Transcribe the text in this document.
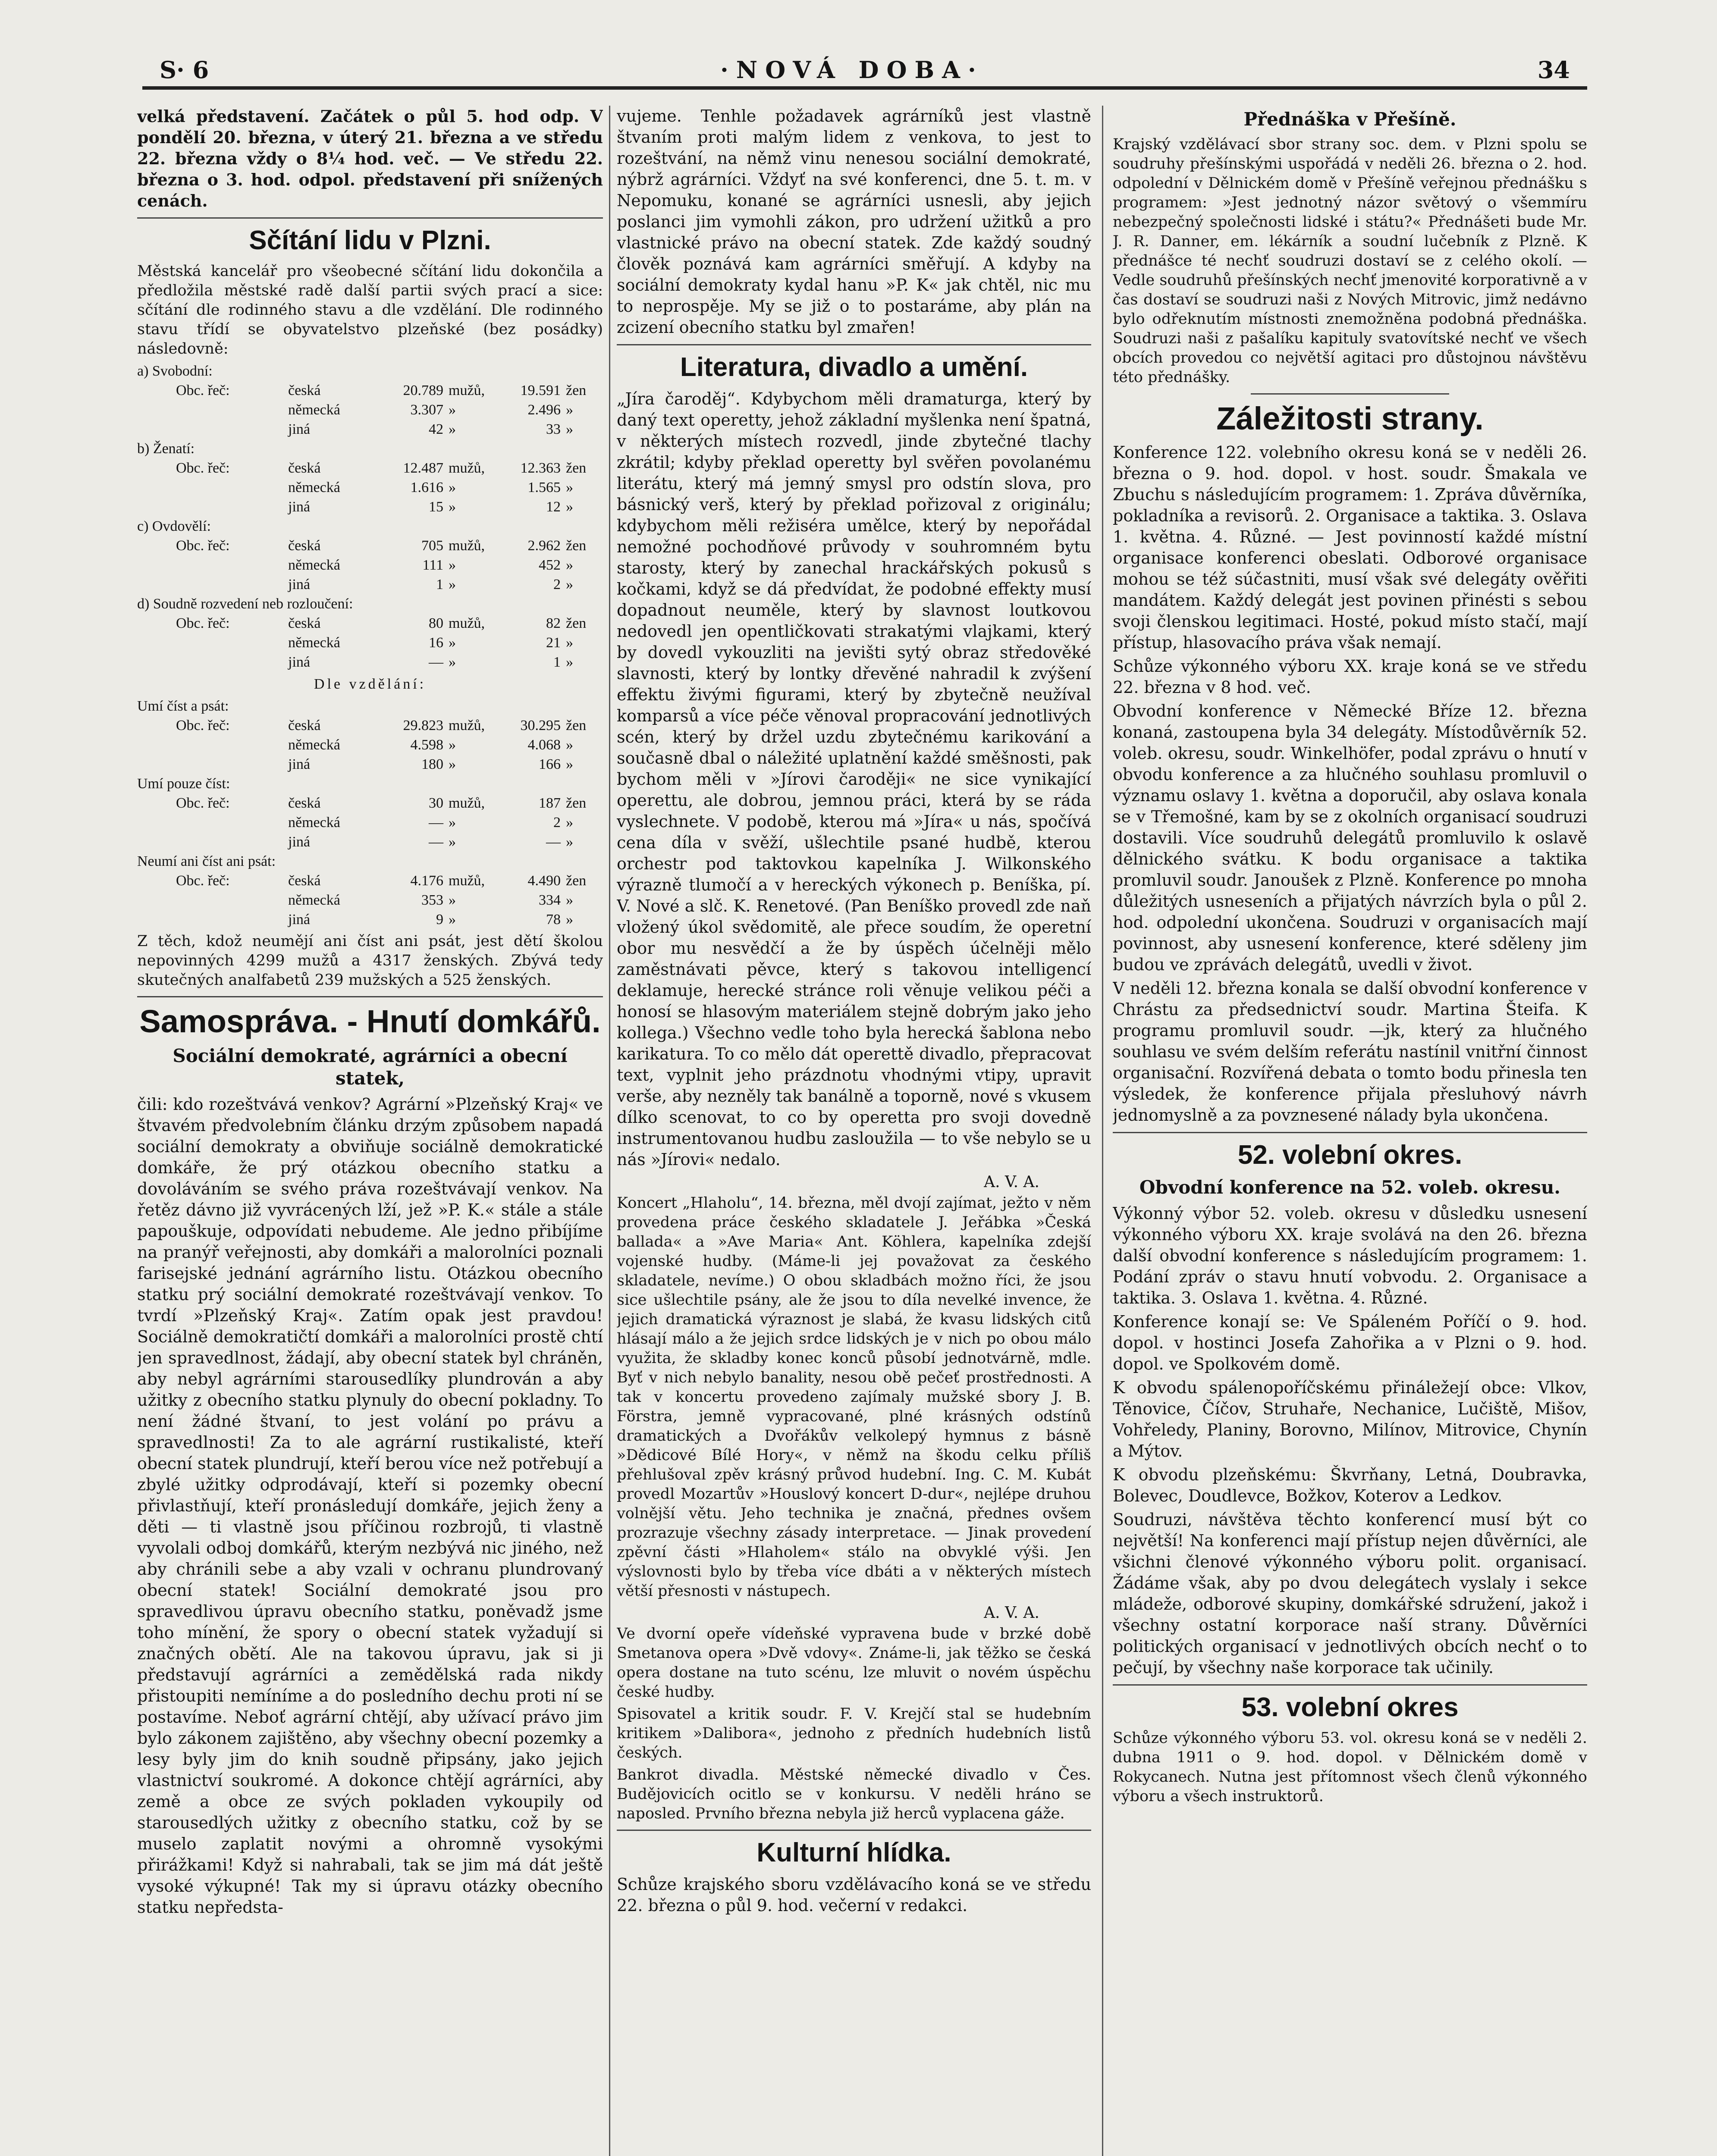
S· 6	·NOVÁ DOBA·	34

velká představení. Začátek o půl 5. hod odp. V pondělí 20. března, v úterý 21. března a ve středu 22. března vždy o 8¼ hod. več. — Ve středu 22. března o 3. hod. odpol. představení při snížených cenách.

Sčítání lidu v Plzni.

Městská kancelář pro všeobecné sčítání lidu dokončila a předložila městské radě další partii svých prací a sice: sčítání dle rodinného stavu a dle vzdělání. Dle rodinného stavu třídí se obyvatelstvo plzeňské (bez posádky) následovně:

a) Svobodní:
Obc. řeč:	česká	20.789 mužů,	19.591 žen
německá	3.307 »	2.496 »
jiná	42 »	33 »
b) Ženatí:
Obc. řeč:	česká	12.487 mužů,	12.363 žen
německá	1.616 »	1.565 »
jiná	15 »	12 »
c) Ovdovělí:
Obc. řeč:	česká	705 mužů,	2.962 žen
německá	111 »	452 »
jiná	1 »	2 »
d) Soudně rozvedení neb rozloučení:
Obc. řeč:	česká	80 mužů,	82 žen
německá	16 »	21 »
jiná	— »	1 »
Dle vzdělání:
Umí číst a psát:
Obc. řeč:	česká	29.823 mužů,	30.295 žen
německá	4.598 »	4.068 »
jiná	180 »	166 »
Umí pouze číst:
Obc. řeč:	česká	30 mužů,	187 žen
německá	— »	2 »
jiná	— »	— »
Neumí ani číst ani psát:
Obc. řeč:	česká	4.176 mužů,	4.490 žen
německá	353 »	334 »
jiná	9 »	78 »

Z těch, kdož neumějí ani číst ani psát, jest dětí školou nepovinných 4299 mužů a 4317 ženských. Zbývá tedy skutečných analfabetů 239 mužských a 525 ženských.

Samospráva. - Hnutí domkářů.
Sociální demokraté, agrárníci a obecní statek,

čili: kdo rozeštvává venkov? Agrární »Plzeňský Kraj« ve štvavém předvolebním článku drzým způsobem napadá sociální demokraty a obviňuje sociálně demokratické domkáře, že prý otázkou obecního statku a dovoláváním se svého práva rozeštvávají venkov. Na řetěz dávno již vyvrácených lží, jež »P. K.« stále a stále papouškuje, odpovídati nebudeme. Ale jedno přibíjíme na pranýř veřejnosti, aby domkáři a malorolníci poznali farisejské jednání agrárního listu. Otázkou obecního statku prý sociální demokraté rozeštvávají venkov. To tvrdí »Plzeňský Kraj«. Zatím opak jest pravdou! Sociálně demokratičtí domkáři a malorolníci prostě chtí jen spravedlnost, žádají, aby obecní statek byl chráněn, aby nebyl agrárními starousedlíky plundrován a aby užitky z obecního statku plynuly do obecní pokladny. To není žádné štvaní, to jest volání po právu a spravedlnosti! Za to ale agrární rustikalisté, kteří obecní statek plundrují, kteří berou více než potřebují a zbylé užitky odprodávají, kteří si pozemky obecní přivlastňují, kteří pronásledují domkáře, jejich ženy a děti — ti vlastně jsou příčinou rozbrojů, ti vlastně vyvolali odboj domkářů, kterým nezbývá nic jiného, než aby chránili sebe a aby vzali v ochranu plundrovaný obecní statek! Sociální demokraté jsou pro spravedlivou úpravu obecního statku, poněvadž jsme toho mínění, že spory o obecní statek vyžadují si značných obětí. Ale na takovou úpravu, jak si ji představují agrárníci a zemědělská rada nikdy přistoupiti nemíníme a do posledního dechu proti ní se postavíme. Neboť agrární chtějí, aby užívací právo jim bylo zákonem zajištěno, aby všechny obecní pozemky a lesy byly jim do knih soudně připsány, jako jejich vlastnictví soukromé. A dokonce chtějí agrárníci, aby země a obce ze svých pokladen vykoupily od starousedlých užitky z obecního statku, což by se muselo zaplatit novými a ohromně vysokými přirážkami! Když si nahrabali, tak se jim má dát ještě vysoké výkupné! Tak my si úpravu otázky obecního statku nepředsta-

vujeme. Tenhle požadavek agrárníků jest vlastně štvaním proti malým lidem z venkova, to jest to rozeštvání, na němž vinu nenesou sociální demokraté, nýbrž agrárníci. Vždyť na své konferenci, dne 5. t. m. v Nepomuku, konané se agrárníci usnesli, aby jejich poslanci jim vymohli zákon, pro udržení užitků a pro vlastnické právo na obecní statek. Zde každý soudný člověk poznává kam agrárníci směřují. A kdyby na sociální demokraty kydal hanu »P. K« jak chtěl, nic mu to neprospěje. My se již o to postaráme, aby plán na zcizení obecního statku byl zmařen!

Literatura, divadlo a umění.

„Jíra čaroděj“. Kdybychom měli dramaturga, který by daný text operetty, jehož základní myšlenka není špatná, v některých místech rozvedl, jinde zbytečné tlachy zkrátil; kdyby překlad operetty byl svěřen povolanému literátu, který má jemný smysl pro odstín slova, pro básnický verš, který by překlad pořizoval z originálu; kdybychom měli režiséra umělce, který by nepořádal nemožné pochodňové průvody v souhromném bytu starosty, který by zanechal hrackářských pokusů s kočkami, když se dá předvídat, že podobné effekty musí dopadnout neuměle, který by slavnost loutkovou nedovedl jen opentličkovati strakatými vlajkami, který by dovedl vykouzliti na jevišti sytý obraz středověké slavnosti, který by lontky dřevěné nahradil k zvýšení effektu živými figurami, který by zbytečně neužíval komparsů a více péče věnoval propracování jednotlivých scén, který by držel uzdu zbytečnému karikování a současně dbal o náležité uplatnění každé směšnosti, pak bychom měli v »Jírovi čaroději« ne sice vynikající operettu, ale dobrou, jemnou práci, která by se ráda vyslechnete. V podobě, kterou má »Jíra« u nás, spočívá cena díla v svěží, ušlechtile psané hudbě, kterou orchestr pod taktovkou kapelníka J. Wilkonského výrazně tlumočí a v hereckých výkonech p. Beníška, pí. V. Nové a slč. K. Renetové. (Pan Beníško provedl zde naň vložený úkol svědomitě, ale přece soudím, že operetní obor mu nesvědčí a že by úspěch účelněji mělo zaměstnávati pěvce, který s takovou intelligencí deklamuje, herecké stránce roli věnuje velikou péči a honosí se hlasovým materiálem stejně dobrým jako jeho kollega.) Všechno vedle toho byla herecká šablona nebo karikatura. To co mělo dát operettě divadlo, přepracovat text, vyplnit jeho prázdnotu vhodnými vtipy, upravit verše, aby nezněly tak banálně a toporně, nové s vkusem dílko scenovat, to co by operetta pro svoji dovedně instrumentovanou hudbu zasloužila — to vše nebylo se u nás »Jírovi« nedalo.

A. V. A.

Koncert „Hlaholu“, 14. března, měl dvojí zajímat, ježto v něm provedena práce českého skladatele J. Jeřábka »Česká ballada« a »Ave Maria« Ant. Köhlera, kapelníka zdejší vojenské hudby. (Máme-li jej považovat za českého skladatele, nevíme.) O obou skladbách možno říci, že jsou sice ušlechtile psány, ale že jsou to díla nevelké invence, že jejich dramatická výraznost je slabá, že kvasu lidských citů hlásají málo a že jejich srdce lidských je v nich po obou málo využita, že skladby konec konců působí jednotvárně, mdle. Byť v nich nebylo banality, nesou obě pečeť prostřednosti. A tak v koncertu provedeno zajímaly mužské sbory J. B. Förstra, jemně vypracované, plné krásných odstínů dramatických a Dvořákův velkolepý hymnus z básně »Dědicové Bílé Hory«, v němž na škodu celku příliš přehlušoval zpěv krásný průvod hudební. Ing. C. M. Kubát provedl Mozartův »Houslový koncert D-dur«, nejlépe druhou volnější větu. Jeho technika je značná, přednes ovšem prozrazuje všechny zásady interpretace. — Jinak provedení zpěvní části »Hlaholem« stálo na obvyklé výši. Jen výslovnosti bylo by třeba více dbáti a v některých místech větší přesnosti v nástupech.

A. V. A.

Ve dvorní opeře vídeňské vypravena bude v brzké době Smetanova opera »Dvě vdovy«. Známe-li, jak těžko se česká opera dostane na tuto scénu, lze mluvit o novém úspěchu české hudby.

Spisovatel a kritik soudr. F. V. Krejčí stal se hudebním kritikem »Dalibora«, jednoho z předních hudebních listů českých.

Bankrot divadla. Městské německé divadlo v Čes. Budějovicích ocitlo se v konkursu. V neděli hráno se naposled. Prvního března nebyla již herců vyplacena gáže.

Kulturní hlídka.

Schůze krajského sboru vzdělávacího koná se ve středu 22. března o půl 9. hod. večerní v redakci.

Přednáška v Přešíně.

Krajský vzdělávací sbor strany soc. dem. v Plzni spolu se soudruhy přešínskými uspořádá v neděli 26. března o 2. hod. odpolední v Dělnickém domě v Přešíně veřejnou přednášku s programem: »Jest jednotný názor světový o všemmíru nebezpečný společnosti lidské i státu?« Přednášeti bude Mr. J. R. Danner, em. lékárník a soudní lučebník z Plzně. K přednášce té nechť soudruzi dostaví se z celého okolí. — Vedle soudruhů přešínských nechť jmenovité korporativně a v čas dostaví se soudruzi naši z Nových Mitrovic, jimž nedávno bylo odřeknutím místnosti znemožněna podobná přednáška. Soudruzi naši z pašalíku kapituly svatovítské nechť ve všech obcích provedou co největší agitaci pro důstojnou návštěvu této přednášky.

Záležitosti strany.

Konference 122. volebního okresu koná se v neděli 26. března o 9. hod. dopol. v host. soudr. Šmakala ve Zbuchu s následujícím programem: 1. Zpráva důvěrníka, pokladníka a revisorů. 2. Organisace a taktika. 3. Oslava 1. května. 4. Různé. — Jest povinností každé místní organisace konferenci obeslati. Odborové organisace mohou se též súčastniti, musí však své delegáty ověřiti mandátem. Každý delegát jest povinen přinésti s sebou svoji členskou legitimaci. Hosté, pokud místo stačí, mají přístup, hlasovacího práva však nemají.

Schůze výkonného výboru XX. kraje koná se ve středu 22. března v 8 hod. več.

Obvodní konference v Německé Bříze 12. března konaná, zastoupena byla 34 delegáty. Místodůvěrník 52. voleb. okresu, soudr. Winkelhöfer, podal zprávu o hnutí v obvodu konference a za hlučného souhlasu promluvil o významu oslavy 1. května a doporučil, aby oslava konala se v Třemošné, kam by se z okolních organisací soudruzi dostavili. Více soudruhů delegátů promluvilo k oslavě dělnického svátku. K bodu organisace a taktika promluvil soudr. Janoušek z Plzně. Konference po mnoha důležitých usneseních a přijatých návrzích byla o půl 2. hod. odpolední ukončena. Soudruzi v organisacích mají povinnost, aby usnesení konference, které sděleny jim budou ve zprávách delegátů, uvedli v život.

V neděli 12. března konala se další obvodní konference v Chrástu za předsednictví soudr. Martina Šteifa. K programu promluvil soudr. —jk, který za hlučného souhlasu ve svém delším referátu nastínil vnitřní činnost organisační. Rozvířená debata o tomto bodu přinesla ten výsledek, že konference přijala přesluhový návrh jednomyslně a za povznesené nálady byla ukončena.

52. volební okres.
Obvodní konference na 52. voleb. okresu.

Výkonný výbor 52. voleb. okresu v důsledku usnesení výkonného výboru XX. kraje svolává na den 26. března další obvodní konference s následujícím programem: 1. Podání zpráv o stavu hnutí vobvodu. 2. Organisace a taktika. 3. Oslava 1. května. 4. Různé.

Konference konají se: Ve Spáleném Poříčí o 9. hod. dopol. v hostinci Josefa Zahořika a v Plzni o 9. hod. dopol. ve Spolkovém domě.

K obvodu spálenopoříčskému přináležejí obce: Vlkov, Těnovice, Číčov, Struhaře, Nechanice, Lučiště, Mišov, Vohřeledy, Planiny, Borovno, Milínov, Mitrovice, Chynín a Mýtov.

K obvodu plzeňskému: Škvrňany, Letná, Doubravka, Bolevec, Doudlevce, Božkov, Koterov a Ledkov.

Soudruzi, návštěva těchto konferencí musí být co největší! Na konferenci mají přístup nejen důvěrníci, ale všichni členové výkonného výboru polit. organisací. Žádáme však, aby po dvou delegátech vyslaly i sekce mládeže, odborové skupiny, domkářské sdružení, jakož i všechny ostatní korporace naší strany. Důvěrníci politických organisací v jednotlivých obcích nechť o to pečují, by všechny naše korporace tak učinily.

53. volební okres

Schůze výkonného výboru 53. vol. okresu koná se v neděli 2. dubna 1911 o 9. hod. dopol. v Dělnickém domě v Rokycanech. Nutna jest přítomnost všech členů výkonného výboru a všech instruktorů.
